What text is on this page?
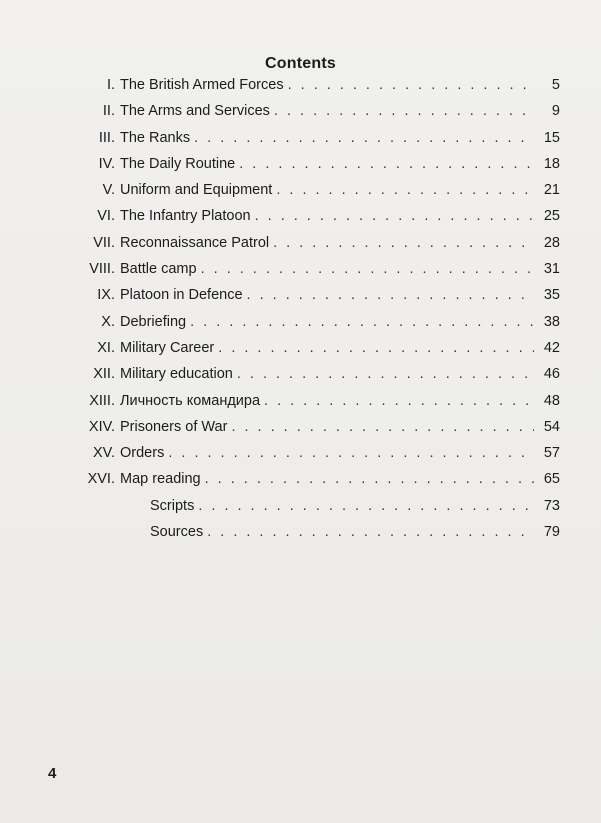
Contents
I. The British Armed Forces . . .	5
II. The Arms and Services . . .	9
III. The Ranks . . .	15
IV. The Daily Routine . . .	18
V. Uniform and Equipment . . .	21
VI. The Infantry Platoon . . .	25
VII. Reconnaissance Patrol . . .	28
VIII. Battle camp . . .	31
IX. Platoon in Defence . . .	35
X. Debriefing . . .	38
XI. Military Career . . .	42
XII. Military education . . .	46
XIII. Личность командира . . .	48
XIV. Prisoners of War . . .	54
XV. Orders . . .	57
XVI. Map reading . . .	65
Scripts . . .	73
Sources . . .	79
4
